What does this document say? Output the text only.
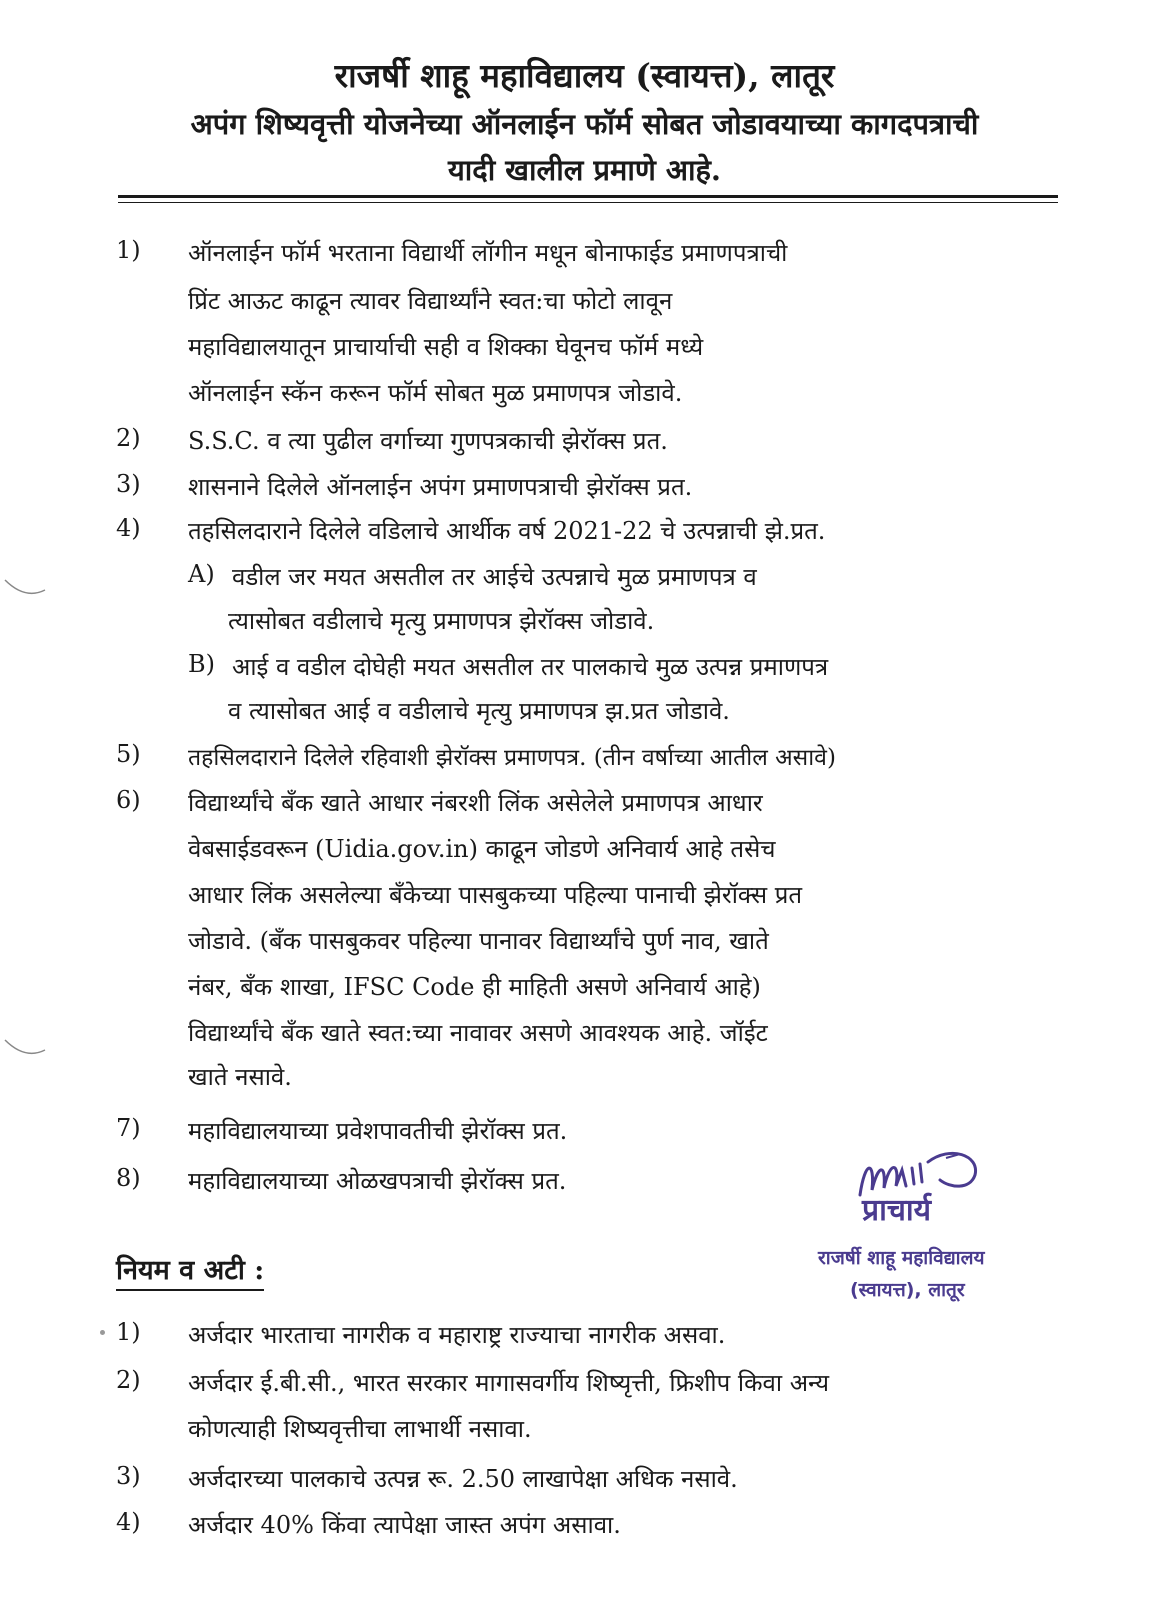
राजर्षी शाहू महाविद्यालय (स्वायत्त), लातूर
अपंग शिष्यवृत्ती योजनेच्या ऑनलाईन फॉर्म सोबत जोडावयाच्या कागदपत्राची
यादी खालील प्रमाणे आहे.
1) ऑनलाईन फॉर्म भरताना विद्यार्थी लॉगीन मधून बोनाफाईड प्रमाणपत्राची
प्रिंट आऊट काढून त्यावर विद्यार्थ्यांने स्वत:चा फोटो लावून
महाविद्यालयातून प्राचार्याची सही व शिक्का घेवूनच फॉर्म मध्ये
ऑनलाईन स्कॅन करून फॉर्म सोबत मुळ प्रमाणपत्र जोडावे.
2) S.S.C. व त्या पुढील वर्गाच्या गुणपत्रकाची झेरॉक्स प्रत.
3) शासनाने दिलेले ऑनलाईन अपंग प्रमाणपत्राची झेरॉक्स प्रत.
4) तहसिलदाराने दिलेले वडिलाचे आर्थीक वर्ष 2021-22 चे उत्पन्नाची झे.प्रत.
A) वडील जर मयत असतील तर आईचे उत्पन्नाचे मुळ प्रमाणपत्र व
त्यासोबत वडीलाचे मृत्यु प्रमाणपत्र झेरॉक्स जोडावे.
B) आई व वडील दोघेही मयत असतील तर पालकाचे मुळ उत्पन्न प्रमाणपत्र
व त्यासोबत आई व वडीलाचे मृत्यु प्रमाणपत्र झ.प्रत जोडावे.
5) तहसिलदाराने दिलेले रहिवाशी झेरॉक्स प्रमाणपत्र. (तीन वर्षाच्या आतील असावे)
6) विद्यार्थ्यांचे बँक खाते आधार नंबरशी लिंक असेलेले प्रमाणपत्र आधार
वेबसाईडवरून (Uidia.gov.in) काढून जोडणे अनिवार्य आहे तसेच
आधार लिंक असलेल्या बँकेच्या पासबुकच्या पहिल्या पानाची झेरॉक्स प्रत
जोडावे. (बँक पासबुकवर पहिल्या पानावर विद्यार्थ्यांचे पुर्ण नाव, खाते
नंबर, बँक शाखा, IFSC Code ही माहिती असणे अनिवार्य आहे)
विद्यार्थ्यांचे बँक खाते स्वत:च्या नावावर असणे आवश्यक आहे. जॉईट
खाते नसावे.
7) महाविद्यालयाच्या प्रवेशपावतीची झेरॉक्स प्रत.
8) महाविद्यालयाच्या ओळखपत्राची झेरॉक्स प्रत.
प्राचार्य
राजर्षी शाहू महाविद्यालय
(स्वायत्त), लातूर
नियम व अटी :
1) अर्जदार भारताचा नागरीक व महाराष्ट्र राज्याचा नागरीक असवा.
2) अर्जदार ई.बी.सी., भारत सरकार मागासवर्गीय शिष्यृत्ती, फ्रिशीप किवा अन्य
कोणत्याही शिष्यवृत्तीचा लाभार्थी नसावा.
3) अर्जदारच्या पालकाचे उत्पन्न रू. 2.50 लाखापेक्षा अधिक नसावे.
4) अर्जदार 40% किंवा त्यापेक्षा जास्त अपंग असावा.
